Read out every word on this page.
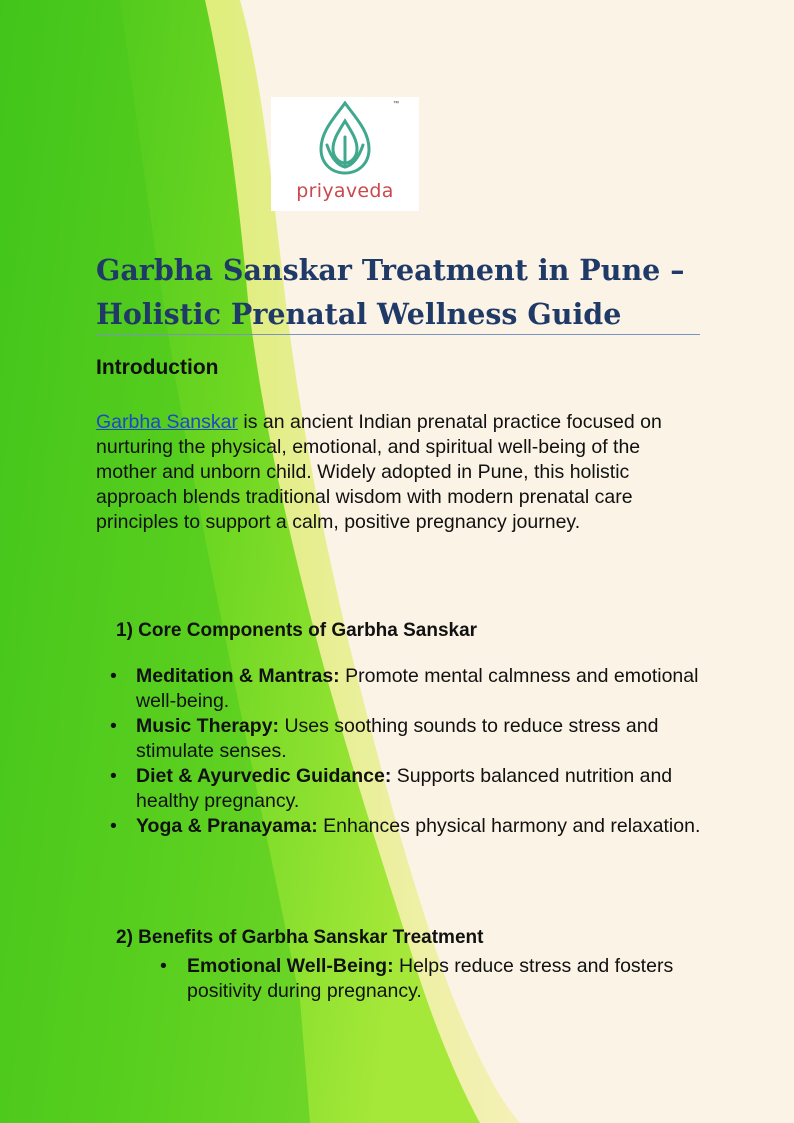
™
priyaveda
Garbha Sanskar Treatment in Pune – Holistic Prenatal Wellness Guide
Introduction

Garbha Sanskar is an ancient Indian prenatal practice focused on nurturing the physical, emotional, and spiritual well-being of the mother and unborn child. Widely adopted in Pune, this holistic approach blends traditional wisdom with modern prenatal care principles to support a calm, positive pregnancy journey.

1) Core Components of Garbha Sanskar
• Meditation & Mantras: Promote mental calmness and emotional well-being.
• Music Therapy: Uses soothing sounds to reduce stress and stimulate senses.
• Diet & Ayurvedic Guidance: Supports balanced nutrition and healthy pregnancy.
• Yoga & Pranayama: Enhances physical harmony and relaxation.
2) Benefits of Garbha Sanskar Treatment
• Emotional Well-Being: Helps reduce stress and fosters positivity during pregnancy.
